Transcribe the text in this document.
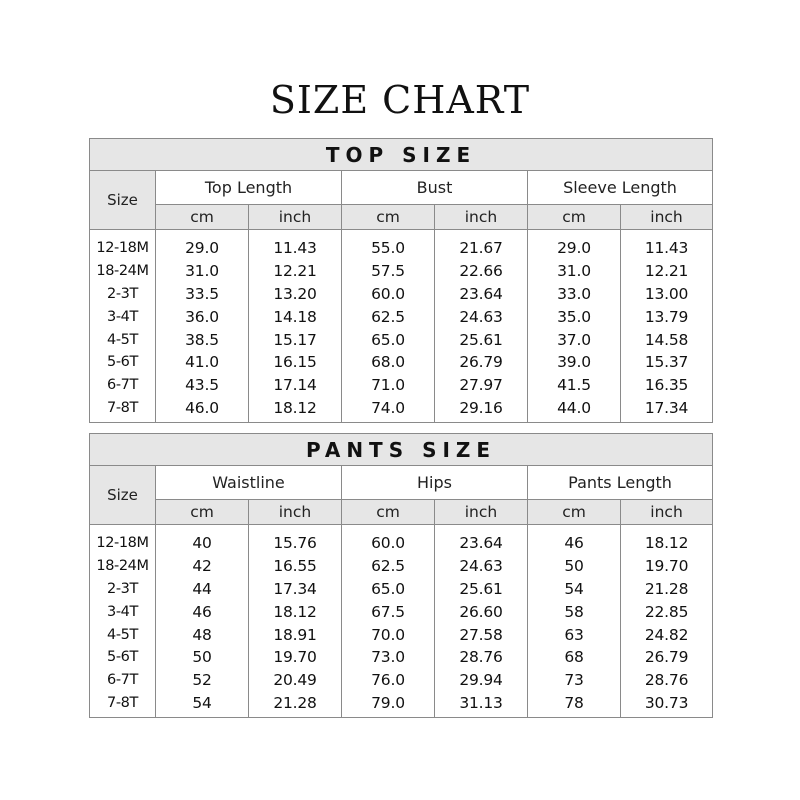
SIZE CHART
TOP SIZE						
Size	Top Length		Bust		Sleeve Length	
	cm	inch	cm	inch	cm	inch
12-18M	29.0	11.43	55.0	21.67	29.0	11.43
18-24M	31.0	12.21	57.5	22.66	31.0	12.21
2-3T	33.5	13.20	60.0	23.64	33.0	13.00
3-4T	36.0	14.18	62.5	24.63	35.0	13.79
4-5T	38.5	15.17	65.0	25.61	37.0	14.58
5-6T	41.0	16.15	68.0	26.79	39.0	15.37
6-7T	43.5	17.14	71.0	27.97	41.5	16.35
7-8T	46.0	18.12	74.0	29.16	44.0	17.34
PANTS SIZE						
Size	Waistline		Hips		Pants Length	
	cm	inch	cm	inch	cm	inch
12-18M	40	15.76	60.0	23.64	46	18.12
18-24M	42	16.55	62.5	24.63	50	19.70
2-3T	44	17.34	65.0	25.61	54	21.28
3-4T	46	18.12	67.5	26.60	58	22.85
4-5T	48	18.91	70.0	27.58	63	24.82
5-6T	50	19.70	73.0	28.76	68	26.79
6-7T	52	20.49	76.0	29.94	73	28.76
7-8T	54	21.28	79.0	31.13	78	30.73
